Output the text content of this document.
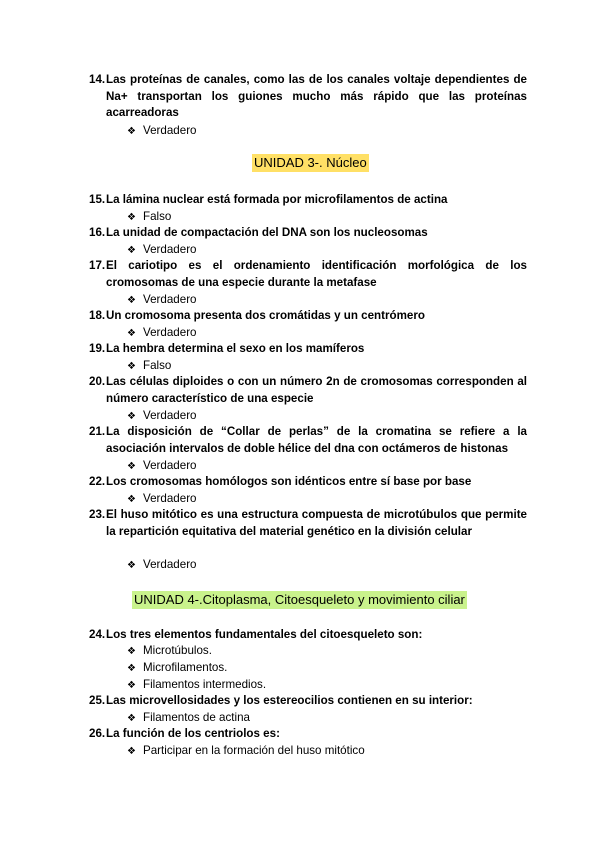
14. Las proteínas de canales, como las de los canales voltaje dependientes de Na+ transportan los guiones mucho más rápido que las proteínas acarreadoras
❖ Verdadero
UNIDAD 3-. Núcleo
15. La lámina nuclear está formada por microfilamentos de actina
❖ Falso
16. La unidad de compactación del DNA son los nucleosomas
❖ Verdadero
17. El cariotipo es el ordenamiento identificación morfológica de los cromosomas de una especie durante la metafase
❖ Verdadero
18. Un cromosoma presenta dos cromátidas y un centrómero
❖ Verdadero
19. La hembra determina el sexo en los mamíferos
❖ Falso
20. Las células diploides o con un número 2n de cromosomas corresponden al número característico de una especie
❖ Verdadero
21. La disposición de “Collar de perlas” de la cromatina se refiere a la asociación intervalos de doble hélice del dna con octámeros de histonas
❖ Verdadero
22. Los cromosomas homólogos son idénticos entre sí base por base
❖ Verdadero
23. El huso mitótico es una estructura compuesta de microtúbulos que permite la repartición equitativa del material genético en la división celular
❖ Verdadero
UNIDAD 4-.Citoplasma, Citoesqueleto y movimiento ciliar
24. Los tres elementos fundamentales del citoesqueleto son:
❖ Microtúbulos.
❖ Microfilamentos.
❖ Filamentos intermedios.
25. Las microvellosidades y los estereocilios contienen en su interior:
❖ Filamentos de actina
26. La función de los centriolos es:
❖ Participar en la formación del huso mitótico
